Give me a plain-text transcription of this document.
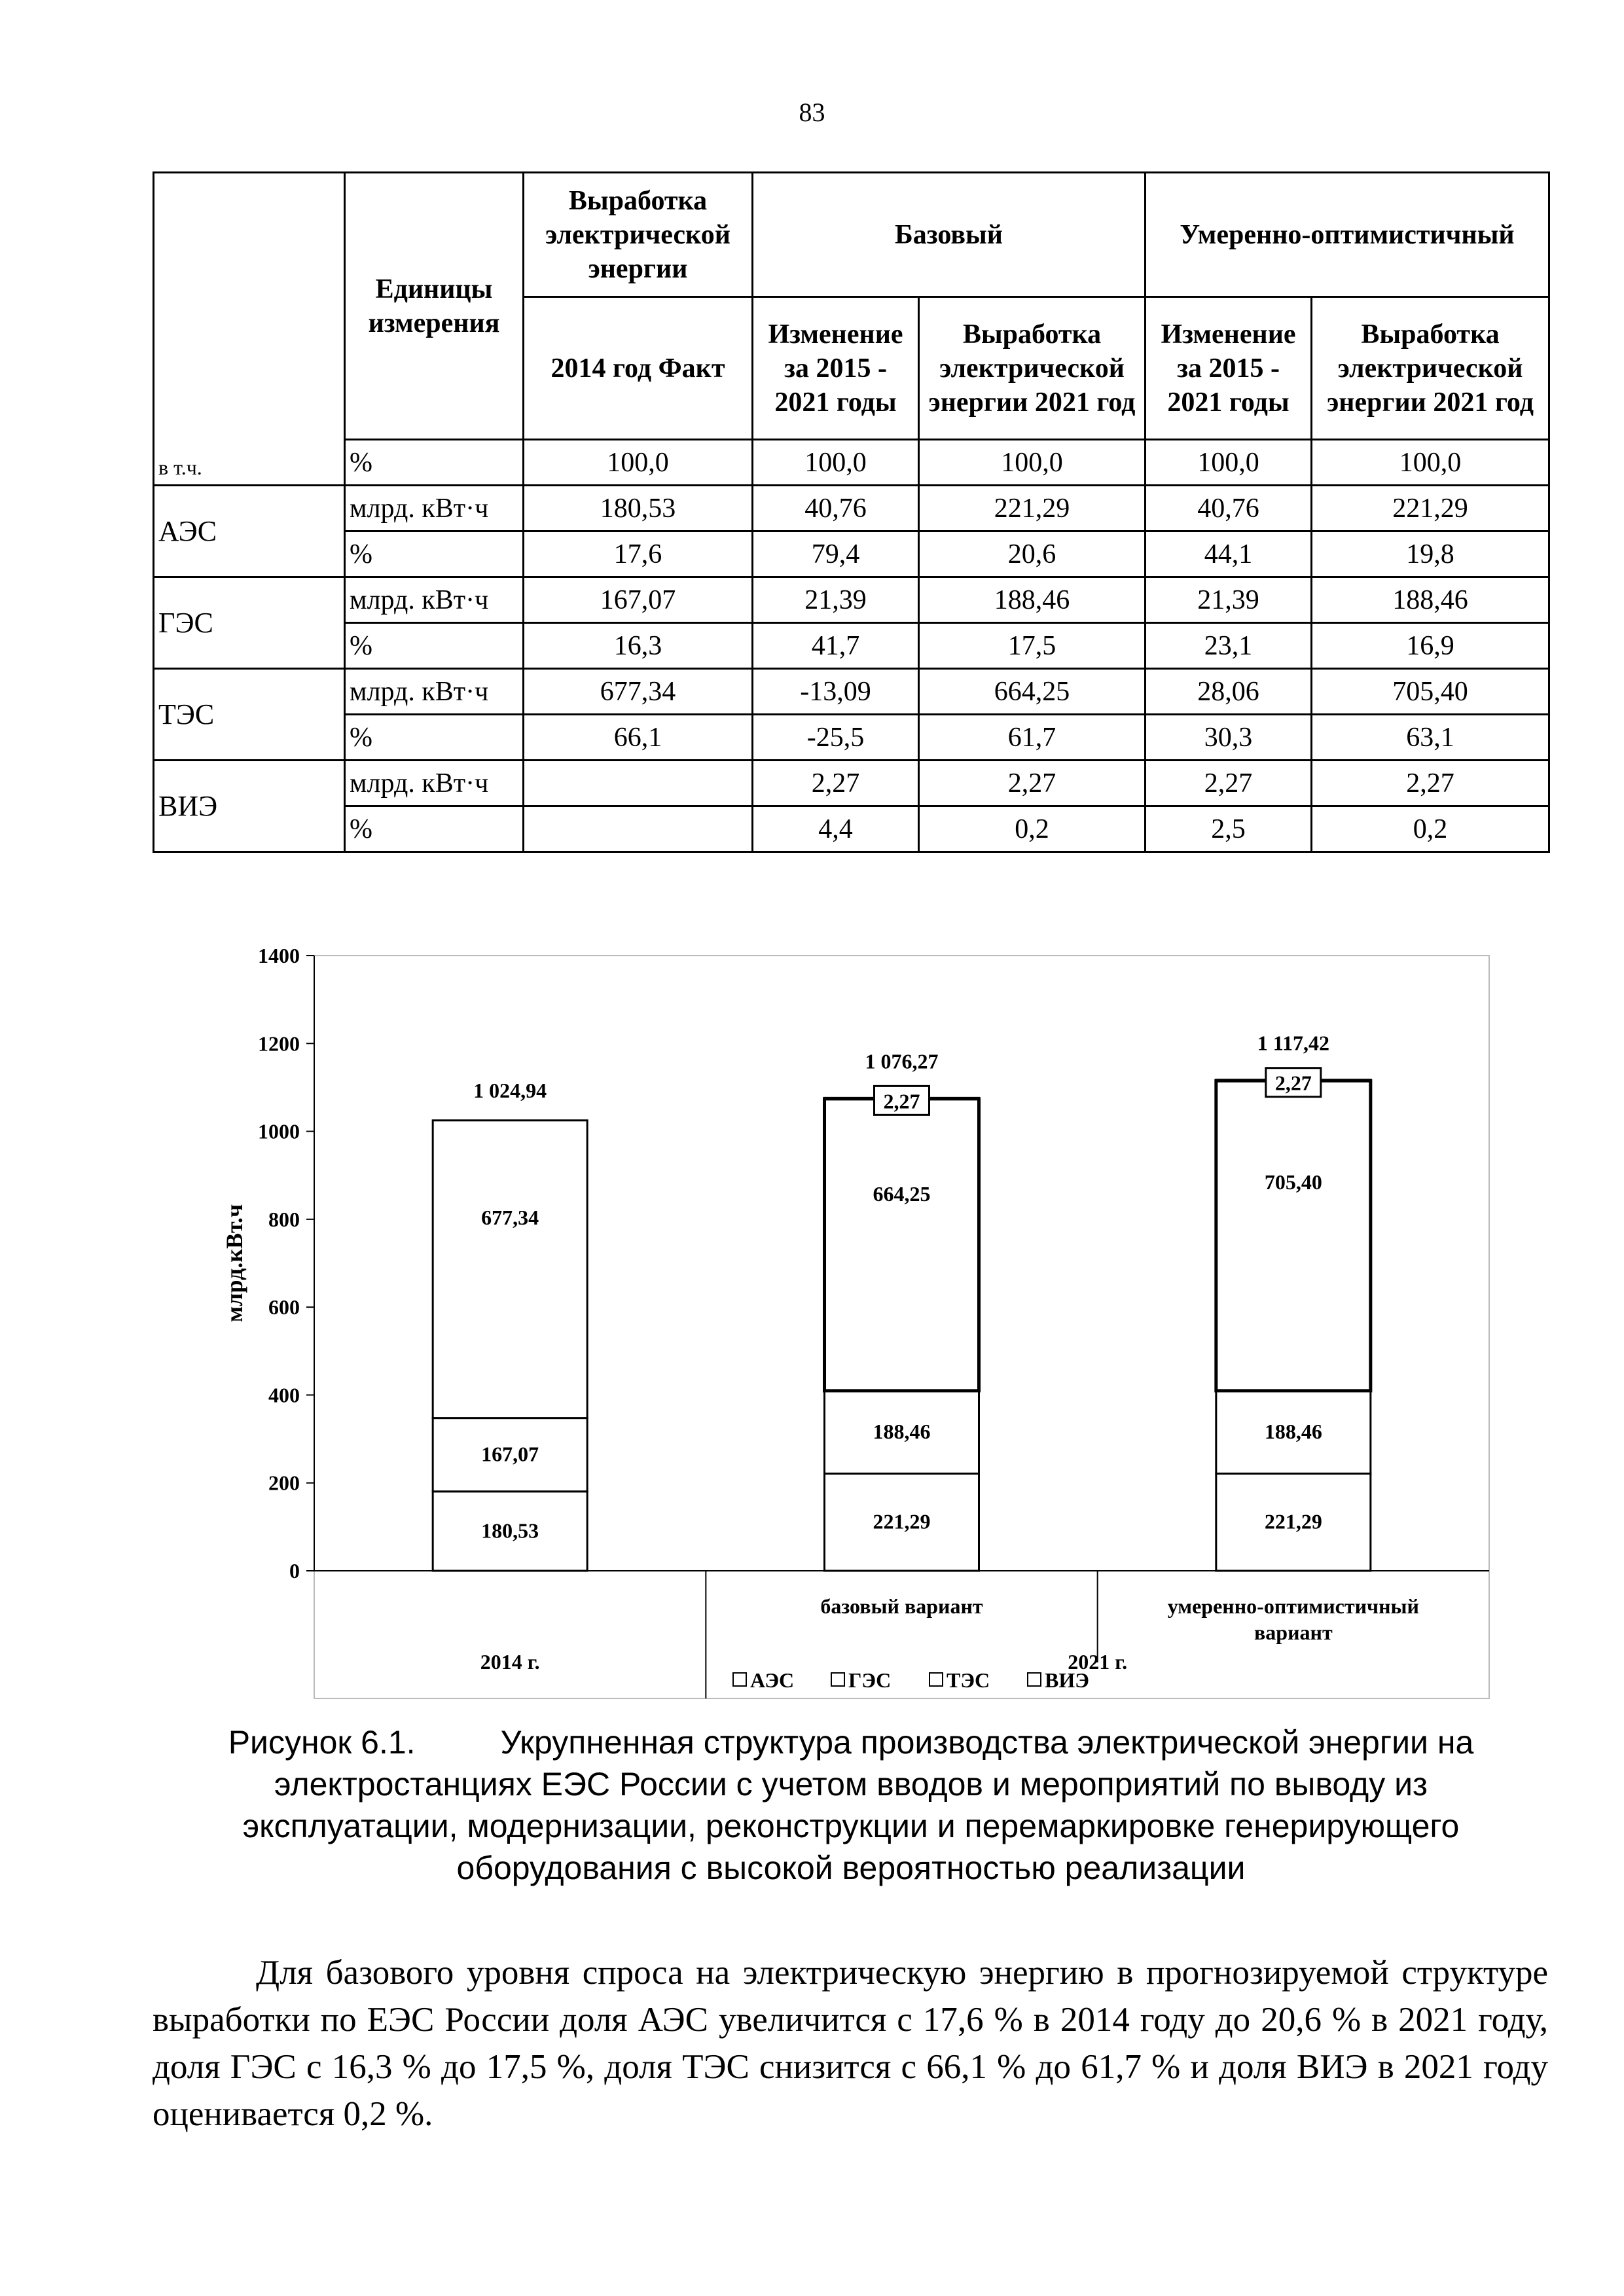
83
	Единицы измерения	Выработка электрической энергии	Базовый		Умеренно-оптимистичный	
		2014 год Факт	Изменение за 2015 - 2021 годы	Выработка электрической энергии 2021 год	Изменение за 2015 - 2021 годы	Выработка электрической энергии 2021 год
в т.ч.	%	100,0	100,0	100,0	100,0	100,0
АЭС	млрд. кВт·ч	180,53	40,76	221,29	40,76	221,29
	%	17,6	79,4	20,6	44,1	19,8
ГЭС	млрд. кВт·ч	167,07	21,39	188,46	21,39	188,46
	%	16,3	41,7	17,5	23,1	16,9
ТЭС	млрд. кВт·ч	677,34	-13,09	664,25	28,06	705,40
	%	66,1	-25,5	61,7	30,3	63,1
ВИЭ	млрд. кВт·ч		2,27	2,27	2,27	2,27
	%		4,4	0,2	2,5	0,2
0
200
400
600
800
1000
1200
1400
млрд.кВт.ч
180,53
167,07
677,34
1 024,94
221,29
188,46
664,25
2,27
1 076,27
221,29
188,46
705,40
2,27
1 117,42
базовый вариант	умеренно-оптимистичный
вариант
2014 г.	2021 г.
АЭС	ГЭС	ТЭС	ВИЭ
Рисунок 6.1.	Укрупненная структура производства электрической энергии на
электростанциях ЕЭС России с учетом вводов и мероприятий по выводу из
эксплуатации, модернизации, реконструкции и перемаркировке генерирующего
оборудования с высокой вероятностью реализации
Для базового уровня спроса на электрическую энергию в прогнозируемой структуре выработки по ЕЭС России доля АЭС увеличится с 17,6 % в 2014 году до 20,6 % в 2021 году, доля ГЭС с 16,3 % до 17,5 %, доля ТЭС снизится с 66,1 % до 61,7 % и доля ВИЭ в 2021 году оценивается 0,2 %.
